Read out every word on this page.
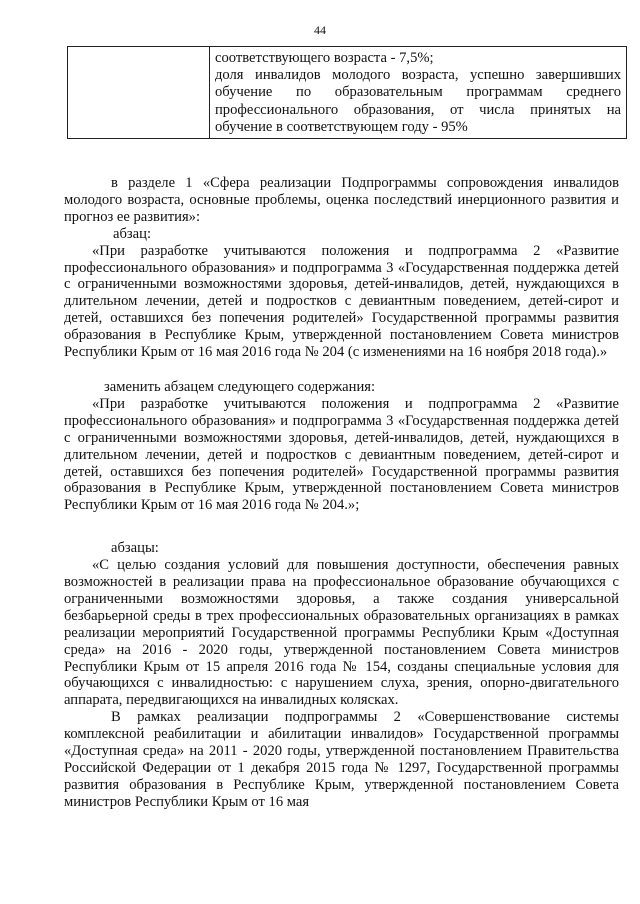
44

соответствующего возраста - 7,5%;

доля инвалидов молодого возраста, успешно завершивших обучение по образовательным программам среднего профессионального образования, от числа принятых на обучение в соответствующем году - 95%

в разделе 1 «Сфера реализации Подпрограммы сопровождения инвалидов молодого возраста, основные проблемы, оценка последствий инерционного развития и прогноз ее развития»:

абзац:

«При разработке учитываются положения и подпрограмма 2 «Развитие профессионального образования» и подпрограмма 3 «Государственная поддержка детей с ограниченными возможностями здоровья, детей-инвалидов, детей, нуждающихся в длительном лечении, детей и подростков с девиантным поведением, детей-сирот и детей, оставшихся без попечения родителей» Государственной программы развития образования в Республике Крым, утвержденной постановлением Совета министров Республики Крым от 16 мая 2016 года № 204 (с изменениями на 16 ноября 2018 года).»

заменить абзацем следующего содержания:

«При разработке учитываются положения и подпрограмма 2 «Развитие профессионального образования» и подпрограмма 3 «Государственная поддержка детей с ограниченными возможностями здоровья, детей-инвалидов, детей, нуждающихся в длительном лечении, детей и подростков с девиантным поведением, детей-сирот и детей, оставшихся без попечения родителей» Государственной программы развития образования в Республике Крым, утвержденной постановлением Совета министров Республики Крым от 16 мая 2016 года № 204.»;

абзацы:

«С целью создания условий для повышения доступности, обеспечения равных возможностей в реализации права на профессиональное образование обучающихся с ограниченными возможностями здоровья, а также создания универсальной безбарьерной среды в трех профессиональных образовательных организациях в рамках реализации мероприятий Государственной программы Республики Крым «Доступная среда» на 2016 - 2020 годы, утвержденной постановлением Совета министров Республики Крым от 15 апреля 2016 года № 154, созданы специальные условия для обучающихся с инвалидностью: с нарушением слуха, зрения, опорно-двигательного аппарата, передвигающихся на инвалидных колясках.

В рамках реализации подпрограммы 2 «Совершенствование системы комплексной реабилитации и абилитации инвалидов» Государственной программы «Доступная среда» на 2011 - 2020 годы, утвержденной постановлением Правительства Российской Федерации от 1 декабря 2015 года № 1297, Государственной программы развития образования в Республике Крым, утвержденной постановлением Совета министров Республики Крым от 16 мая
